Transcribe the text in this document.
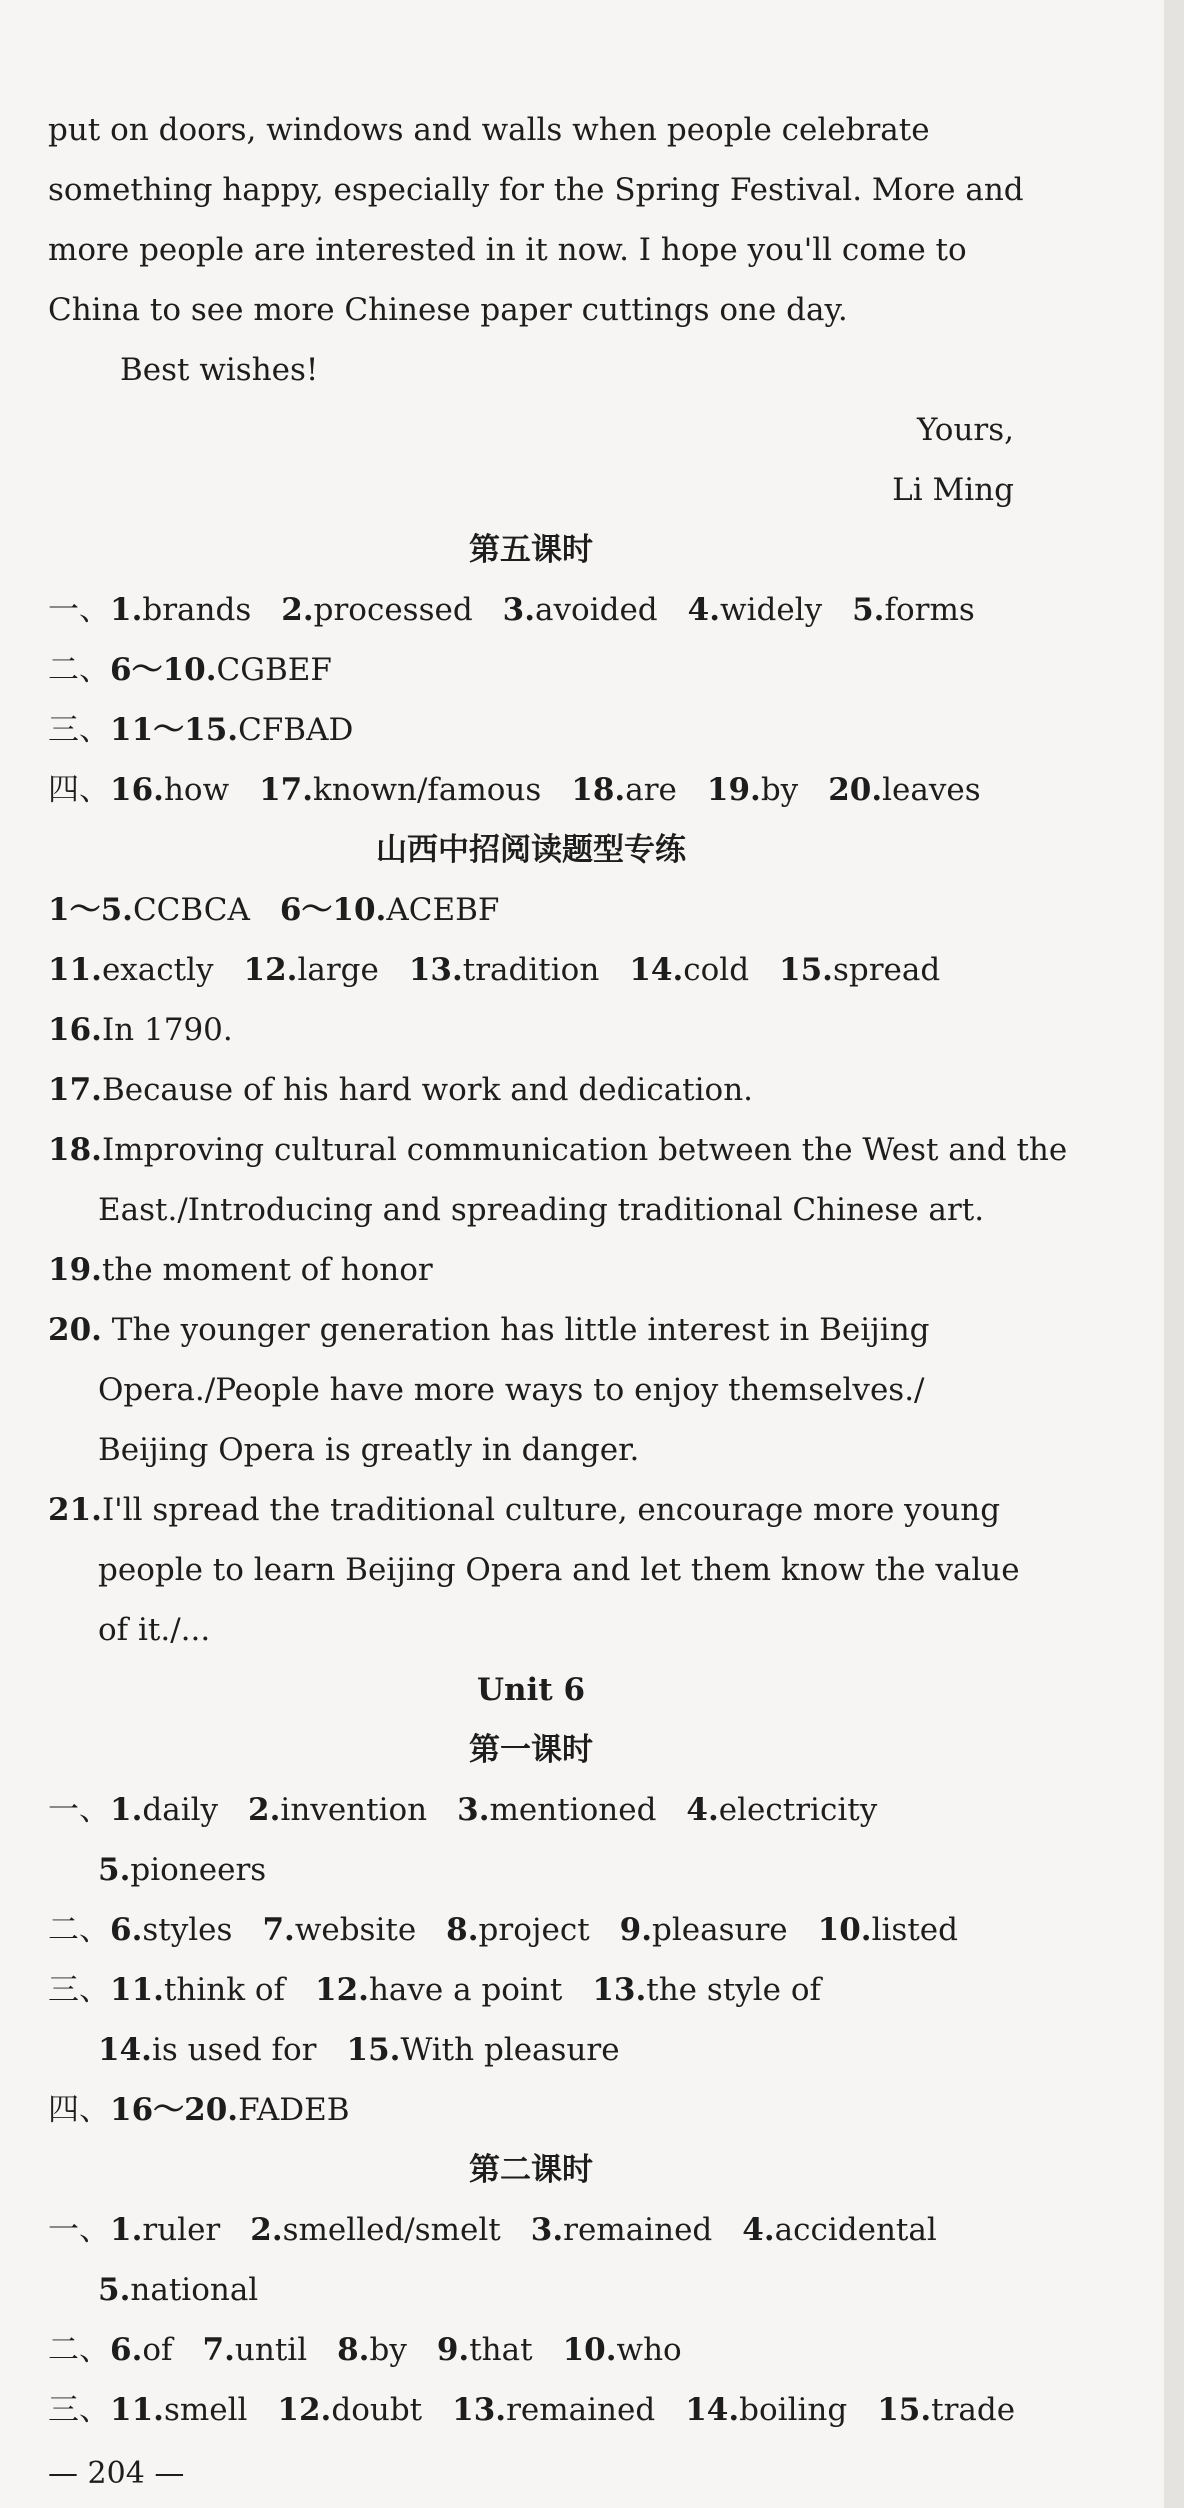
put on doors, windows and walls when people celebrate
something happy, especially for the Spring Festival. More and
more people are interested in it now. I hope you'll come to
China to see more Chinese paper cuttings one day.
Best wishes!
Yours,
Li Ming
第五课时
一、1.brands 2.processed 3.avoided 4.widely 5.forms
二、6～10.CGBEF
三、11～15.CFBAD
四、16.how 17.known/famous 18.are 19.by 20.leaves
山西中招阅读题型专练
1～5.CCBCA 6～10.ACEBF
11.exactly 12.large 13.tradition 14.cold 15.spread
16.In 1790.
17.Because of his hard work and dedication.
18.Improving cultural communication between the West and the
East./Introducing and spreading traditional Chinese art.
19.the moment of honor
20. The younger generation has little interest in Beijing
Opera./People have more ways to enjoy themselves./
Beijing Opera is greatly in danger.
21.I'll spread the traditional culture, encourage more young
people to learn Beijing Opera and let them know the value
of it./...
Unit 6
第一课时
一、1.daily 2.invention 3.mentioned 4.electricity
5.pioneers
二、6.styles 7.website 8.project 9.pleasure 10.listed
三、11.think of 12.have a point 13.the style of
14.is used for 15.With pleasure
四、16～20.FADEB
第二课时
一、1.ruler 2.smelled/smelt 3.remained 4.accidental
5.national
二、6.of 7.until 8.by 9.that 10.who
三、11.smell 12.doubt 13.remained 14.boiling 15.trade
— 204 —
